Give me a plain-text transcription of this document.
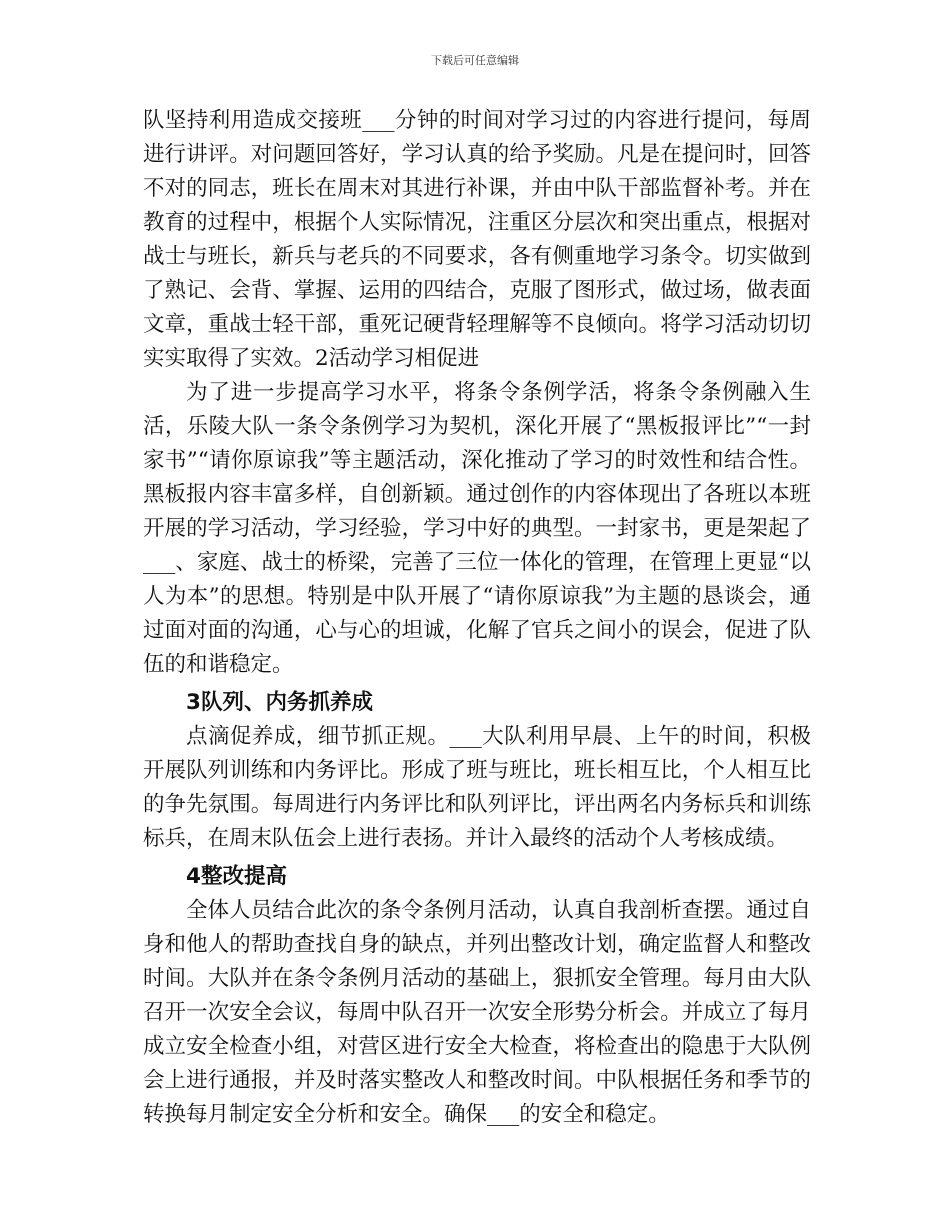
下载后可任意编辑

队坚持利用造成交接班___分钟的时间对学习过的内容进行提问，每周进行讲评。对问题回答好，学习认真的给予奖励。凡是在提问时，回答不对的同志，班长在周末对其进行补课，并由中队干部监督补考。并在教育的过程中，根据个人实际情况，注重区分层次和突出重点，根据对战士与班长，新兵与老兵的不同要求，各有侧重地学习条令。切实做到了熟记、会背、掌握、运用的四结合，克服了图形式，做过场，做表面文章，重战士轻干部，重死记硬背轻理解等不良倾向。将学习活动切切实实取得了实效。2活动学习相促进

为了进一步提高学习水平，将条令条例学活，将条令条例融入生活，乐陵大队一条令条例学习为契机，深化开展了“黑板报评比”“一封家书”“请你原谅我”等主题活动，深化推动了学习的时效性和结合性。黑板报内容丰富多样，自创新颖。通过创作的内容体现出了各班以本班开展的学习活动，学习经验，学习中好的典型。一封家书，更是架起了___、家庭、战士的桥梁，完善了三位一体化的管理，在管理上更显“以人为本”的思想。特别是中队开展了“请你原谅我”为主题的恳谈会，通过面对面的沟通，心与心的坦诚，化解了官兵之间小的误会，促进了队伍的和谐稳定。

3队列、内务抓养成

点滴促养成，细节抓正规。___大队利用早晨、上午的时间，积极开展队列训练和内务评比。形成了班与班比，班长相互比，个人相互比的争先氛围。每周进行内务评比和队列评比，评出两名内务标兵和训练标兵，在周末队伍会上进行表扬。并计入最终的活动个人考核成绩。

4整改提高

全体人员结合此次的条令条例月活动，认真自我剖析查摆。通过自身和他人的帮助查找自身的缺点，并列出整改计划，确定监督人和整改时间。大队并在条令条例月活动的基础上，狠抓安全管理。每月由大队召开一次安全会议，每周中队召开一次安全形势分析会。并成立了每月成立安全检查小组，对营区进行安全大检查，将检查出的隐患于大队例会上进行通报，并及时落实整改人和整改时间。中队根据任务和季节的转换每月制定安全分析和安全。确保___的安全和稳定。
